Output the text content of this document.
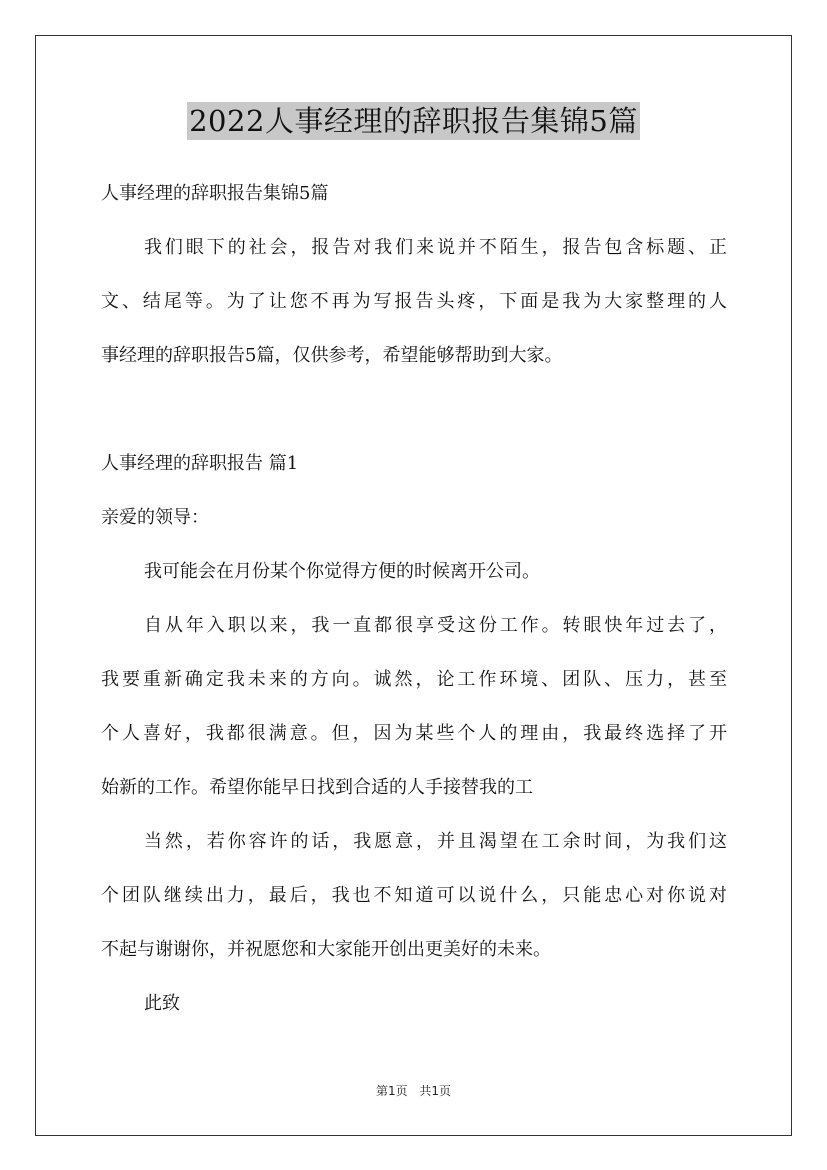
2022人事经理的辞职报告集锦5篇
人事经理的辞职报告集锦5篇
我们眼下的社会，报告对我们来说并不陌生，报告包含标题、正
文、结尾等。为了让您不再为写报告头疼，下面是我为大家整理的人
事经理的辞职报告5篇，仅供参考，希望能够帮助到大家。
人事经理的辞职报告 篇1
亲爱的领导：
我可能会在月份某个你觉得方便的时候离开公司。
自从年入职以来，我一直都很享受这份工作。转眼快年过去了，
我要重新确定我未来的方向。诚然，论工作环境、团队、压力，甚至
个人喜好，我都很满意。但，因为某些个人的理由，我最终选择了开
始新的工作。希望你能早日找到合适的人手接替我的工
当然，若你容许的话，我愿意，并且渴望在工余时间，为我们这
个团队继续出力，最后，我也不知道可以说什么，只能忠心对你说对
不起与谢谢你，并祝愿您和大家能开创出更美好的未来。
此致
第1页 共1页
